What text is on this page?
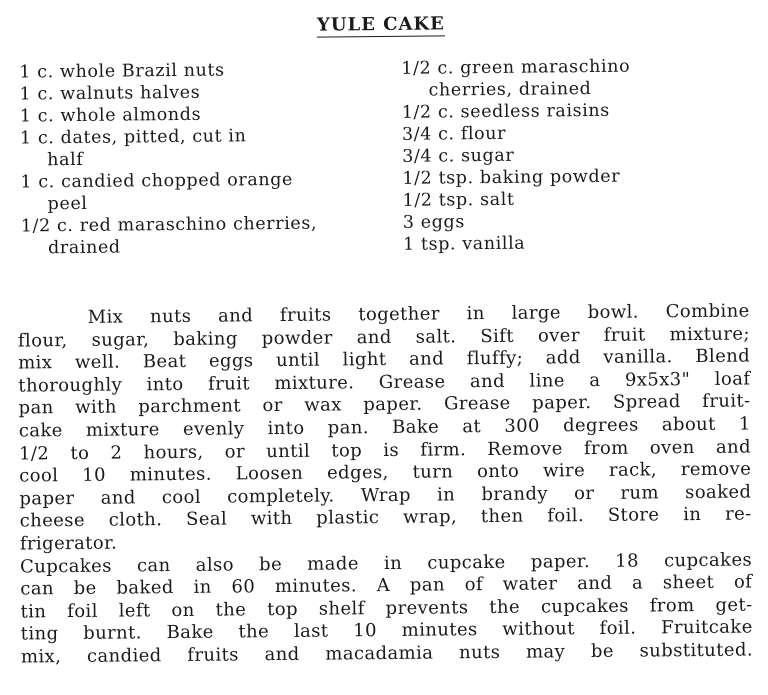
YULE CAKE

1 c. whole Brazil nuts

1 c. walnuts halves

1 c. whole almonds

1 c. dates, pitted, cut in
half

1 c. candied chopped orange
peel

1/2 c. red maraschino cherries,
drained

1/2 c. green maraschino
cherries, drained

1/2 c. seedless raisins

3/4 c. flour

3/4 c. sugar

1/2 tsp. baking powder

1/2 tsp. salt

3 eggs

1 tsp. vanilla

Mix nuts and fruits together in large bowl. Combine
flour, sugar, baking powder and salt. Sift over fruit mixture;
mix well. Beat eggs until light and fluffy; add vanilla. Blend
thoroughly into fruit mixture. Grease and line a 9x5x3" loaf
pan with parchment or wax paper. Grease paper. Spread fruit-
cake mixture evenly into pan. Bake at 300 degrees about 1
1/2 to 2 hours, or until top is firm. Remove from oven and
cool 10 minutes. Loosen edges, turn onto wire rack, remove
paper and cool completely. Wrap in brandy or rum soaked
cheese cloth. Seal with plastic wrap, then foil. Store in re-
frigerator.
Cupcakes can also be made in cupcake paper. 18 cupcakes
can be baked in 60 minutes. A pan of water and a sheet of
tin foil left on the top shelf prevents the cupcakes from get-
ting burnt. Bake the last 10 minutes without foil. Fruitcake
mix, candied fruits and macadamia nuts may be substituted.
